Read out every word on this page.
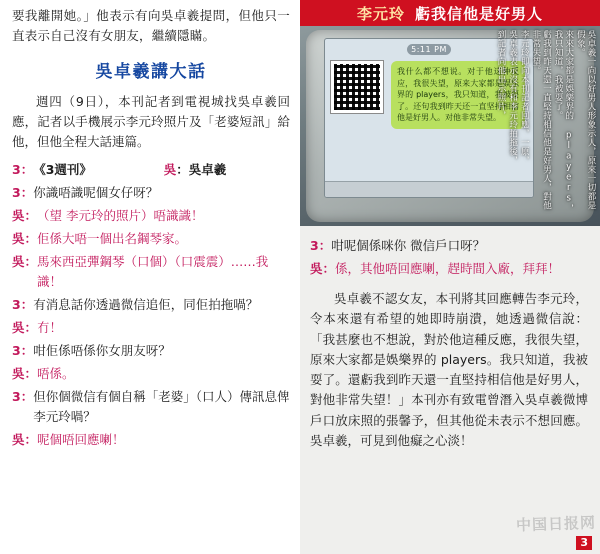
要我離開她。」他表示有向吳卓羲提問，但他只一直表示自己沒有女朋友，繼續隱瞞。

吳卓羲講大話

週四（9日），本刊記者到電視城找吳卓羲回應，記者以手機展示李元玲照片及「老婆短訊」給他，但他全程大話連篇。

3： 《3週刊》	吳 ：吳卓羲
3： 你識唔識呢個女仔呀？
吳： （望 李元玲的照片）唔識識！
吳： 佢係大唔一個出名鋼琴家。
吳： 馬來西亞彈鋼琴（口個）（口震震）……我識！
3： 有消息話你透過微信追佢，同佢拍拖喎？
吳： 冇！
3： 咁佢係唔係你女朋友呀？
吳： 唔係。
3： 但你個微信有個自稱「老婆」（口人）傳訊息俾李元玲喎？
吳： 呢個唔回應喇！
李元玲 虧我信他是好男人
5:11 PM
我什么都不想说。对于他这种反应，我很失望，原来大家都是娱乐界的 players，我只知道，我被耍了。还句我到昨天还一直坚持相信他是好男人。对他非常失望。	吳卓羲一向以好男人形象示人，原來一切都是假象。
來來大家都是娛樂界的 players，我只知道，我被耍了。
虧我到昨天還一直堅持相信他是好男人，對他非常失望。
李元玲即向本刊記者回應，一原，
吳卓羲表示沒有和李元玲拍拖後，
到記者向他出示照片，
3： 咁呢個係咪你 微信戶口呀？
吳： 係，其他唔回應喇，趕時間入廠，拜拜！

吳卓羲不認女友，本刊將其回應轉告李元玲，令本來還有希望的她即時崩潰，她透過微信說：「我甚麼也不想說，對於他這種反應，我很失望，原來大家都是娛樂界的 players。我只知道，我被耍了。還虧我到昨天還一直堅持相信他是好男人，對他非常失望！」本刊亦有致電曾潛入吳卓羲微博戶口放床照的張馨予，但其他從未表示不想回應。吳卓羲，可見到他癡之心淡！

中国日报网
3
